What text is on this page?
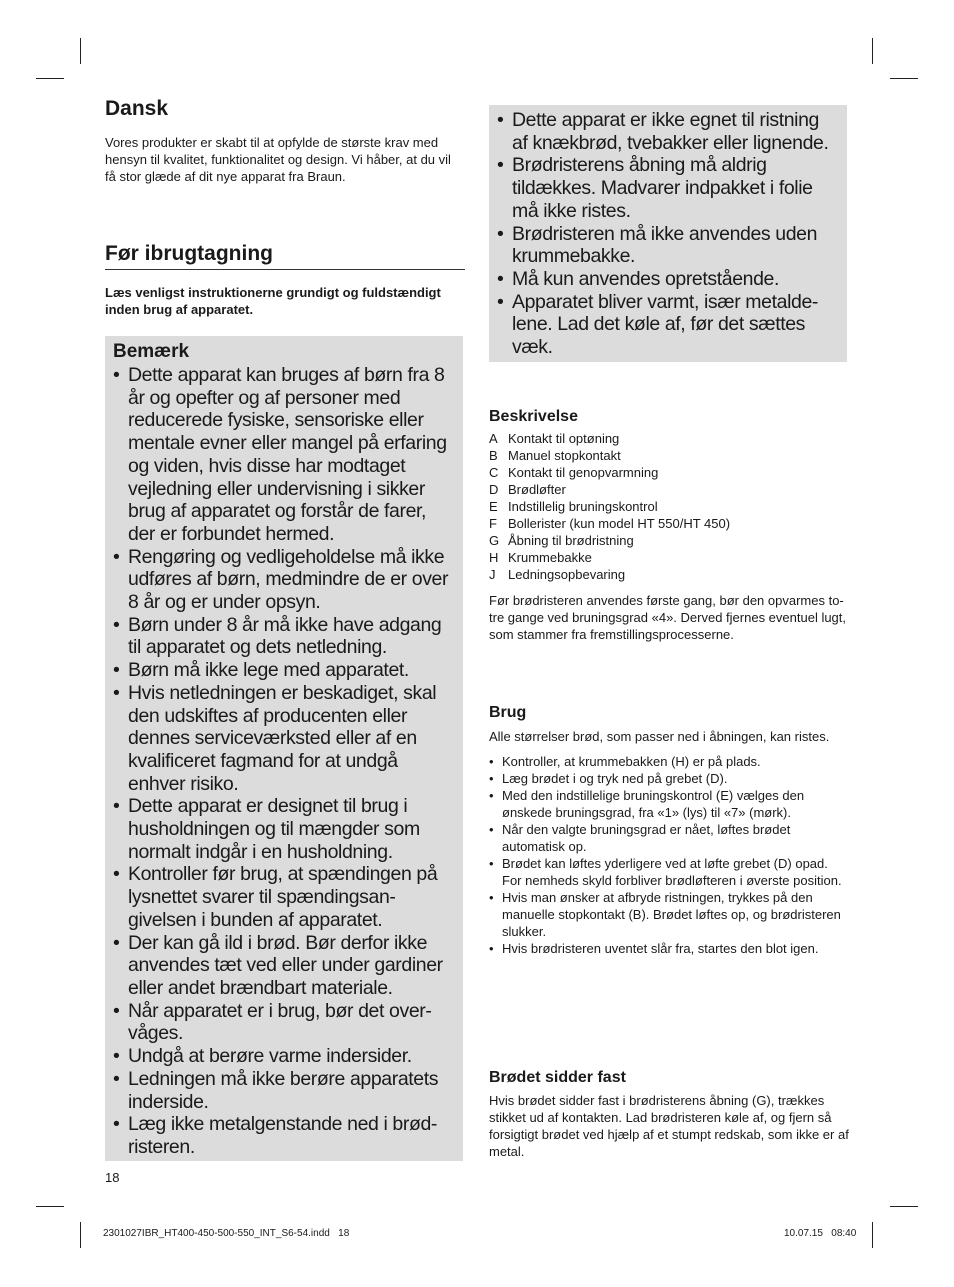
Dansk

Vores produkter er skabt til at opfylde de største krav med hensyn til kvalitet, funktionalitet og design. Vi håber, at du vil få stor glæde af dit nye apparat fra Braun.

Før ibrugtagning

Læs venligst instruktionerne grundigt og fuldstændigt inden brug af apparatet.

Bemærk

• Dette apparat kan bruges af børn fra 8 år og opefter og af personer med reducerede fysiske, sensoriske eller mentale evner eller mangel på erfaring og viden, hvis disse har modtaget vejledning eller undervisning i sikker brug af apparatet og forstår de farer, der er forbundet hermed.
• Rengøring og vedligeholdelse må ikke udføres af børn, medmindre de er over 8 år og er under opsyn.
• Børn under 8 år må ikke have adgang til apparatet og dets netledning.
• Børn må ikke lege med apparatet.
• Hvis netledningen er beskadiget, skal den udskiftes af producenten eller dennes serviceværksted eller af en kvalificeret fagmand for at undgå enhver risiko.
• Dette apparat er designet til brug i husholdningen og til mængder som normalt indgår i en husholdning.
• Kontroller før brug, at spændingen på lysnettet svarer til spændingsan-givelsen i bunden af apparatet.
• Der kan gå ild i brød. Bør derfor ikke anvendes tæt ved eller under gardiner eller andet brændbart materiale.
• Når apparatet er i brug, bør det over-våges.
• Undgå at berøre varme indersider.
• Ledningen må ikke berøre apparatets inderside.
• Læg ikke metalgenstande ned i brød-risteren.
18
• Dette apparat er ikke egnet til ristning af knækbrød, tvebakker eller lignende.
• Brødristerens åbning må aldrig tildækkes. Madvarer indpakket i folie må ikke ristes.
• Brødristeren må ikke anvendes uden krummebakke.
• Må kun anvendes opretstående.
• Apparatet bliver varmt, især metalde-lene. Lad det køle af, før det sættes væk.
Beskrivelse
A Kontakt til optøning
B Manuel stopkontakt
C Kontakt til genopvarmning
D Brødløfter
E Indstillelig bruningskontrol
F Bollerister (kun model HT 550/HT 450)
G Åbning til brødristning
H Krummebakke
J Ledningsopbevaring

Før brødristeren anvendes første gang, bør den opvarmes to-tre gange ved bruningsgrad «4». Derved fjernes eventuel lugt, som stammer fra fremstillingsprocesserne.

Brug

Alle størrelser brød, som passer ned i åbningen, kan ristes.

• Kontroller, at krummebakken (H) er på plads.
• Læg brødet i og tryk ned på grebet (D).
• Med den indstillelige bruningskontrol (E) vælges den ønskede bruningsgrad, fra «1» (lys) til «7» (mørk).
• Når den valgte bruningsgrad er nået, løftes brødet automatisk op.
• Brødet kan løftes yderligere ved at løfte grebet (D) opad. For nemheds skyld forbliver brødløfteren i øverste position.
• Hvis man ønsker at afbryde ristningen, trykkes på den manuelle stopkontakt (B). Brødet løftes op, og brødristeren slukker.
• Hvis brødristeren uventet slår fra, startes den blot igen.
Brødet sidder fast

Hvis brødet sidder fast i brødristerens åbning (G), trækkes stikket ud af kontakten. Lad brødristeren køle af, og fjern så forsigtigt brødet ved hjælp af et stumpt redskab, som ikke er af metal.

2301027IBR_HT400-450-500-550_INT_S6-54.indd   18	10.07.15   08:40
